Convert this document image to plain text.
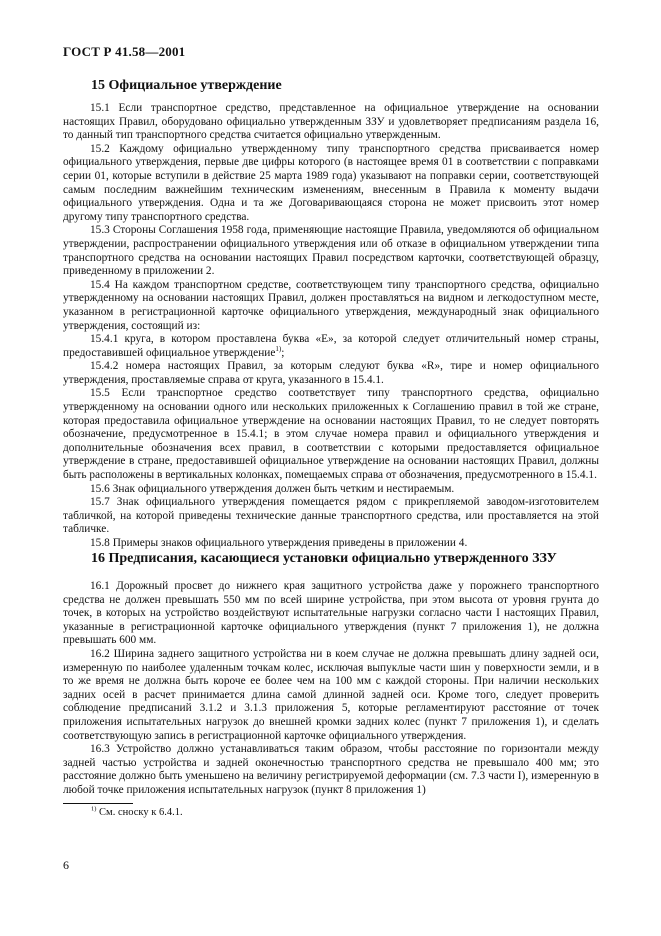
ГОСТ Р 41.58—2001
15 Официальное утверждение

15.1 Если транспортное средство, представленное на официальное утверждение на основании настоящих Правил, оборудовано официально утвержденным ЗЗУ и удовлетворяет предписаниям раздела 16, то данный тип транспортного средства считается официально утвержденным.

15.2 Каждому официально утвержденному типу транспортного средства присваивается номер официального утверждения, первые две цифры которого (в настоящее время 01 в соответствии с поправками серии 01, которые вступили в действие 25 марта 1989 года) указывают на поправки серии, соответствующей самым последним важнейшим техническим изменениям, внесенным в Правила к моменту выдачи официального утверждения. Одна и та же Договаривающаяся сторона не может присвоить этот номер другому типу транспортного средства.

15.3 Стороны Соглашения 1958 года, применяющие настоящие Правила, уведомляются об официальном утверждении, распространении официального утверждения или об отказе в официальном утверждении типа транспортного средства на основании настоящих Правил посредством карточки, соответствующей образцу, приведенному в приложении 2.

15.4 На каждом транспортном средстве, соответствующем типу транспортного средства, официально утвержденному на основании настоящих Правил, должен проставляться на видном и легкодоступном месте, указанном в регистрационной карточке официального утверждения, международный знак официального утверждения, состоящий из:

15.4.1 круга, в котором проставлена буква «Е», за которой следует отличительный номер страны, предоставившей официальное утверждение$^{1)}$;

15.4.2 номера настоящих Правил, за которым следуют буква «R», тире и номер официального утверждения, проставляемые справа от круга, указанного в 15.4.1.

15.5 Если транспортное средство соответствует типу транспортного средства, официально утвержденному на основании одного или нескольких приложенных к Соглашению правил в той же стране, которая предоставила официальное утверждение на основании настоящих Правил, то не следует повторять обозначение, предусмотренное в 15.4.1; в этом случае номера правил и официального утверждения и дополнительные обозначения всех правил, в соответствии с которыми предоставляется официальное утверждение в стране, предоставившей официальное утверждение на основании настоящих Правил, должны быть расположены в вертикальных колонках, помещаемых справа от обозначения, предусмотренного в 15.4.1.

15.6 Знак официального утверждения должен быть четким и нестираемым.

15.7 Знак официального утверждения помещается рядом с прикрепляемой заводом-изготовителем табличкой, на которой приведены технические данные транспортного средства, или проставляется на этой табличке.

15.8 Примеры знаков официального утверждения приведены в приложении 4.

16 Предписания, касающиеся установки официально утвержденного ЗЗУ

16.1 Дорожный просвет до нижнего края защитного устройства даже у порожнего транспортного средства не должен превышать 550 мм по всей ширине устройства, при этом высота от уровня грунта до точек, в которых на устройство воздействуют испытательные нагрузки согласно части I настоящих Правил, указанные в регистрационной карточке официального утверждения (пункт 7 приложения 1), не должна превышать 600 мм.

16.2 Ширина заднего защитного устройства ни в коем случае не должна превышать длину задней оси, измеренную по наиболее удаленным точкам колес, исключая выпуклые части шин у поверхности земли, и в то же время не должна быть короче ее более чем на 100 мм с каждой стороны. При наличии нескольких задних осей в расчет принимается длина самой длинной задней оси. Кроме того, следует проверить соблюдение предписаний 3.1.2 и 3.1.3 приложения 5, которые регламентируют расстояние от точек приложения испытательных нагрузок до внешней кромки задних колес (пункт 7 приложения 1), и сделать соответствующую запись в регистрационной карточке официального утверждения.

16.3 Устройство должно устанавливаться таким образом, чтобы расстояние по горизонтали между задней частью устройства и задней оконечностью транспортного средства не превышало 400 мм; это расстояние должно быть уменьшено на величину регистрируемой деформации (см. 7.3 части I), измеренную в любой точке приложения испытательных нагрузок (пункт 8 приложения 1)

$^{1)}$ См. сноску к 6.4.1.
6
